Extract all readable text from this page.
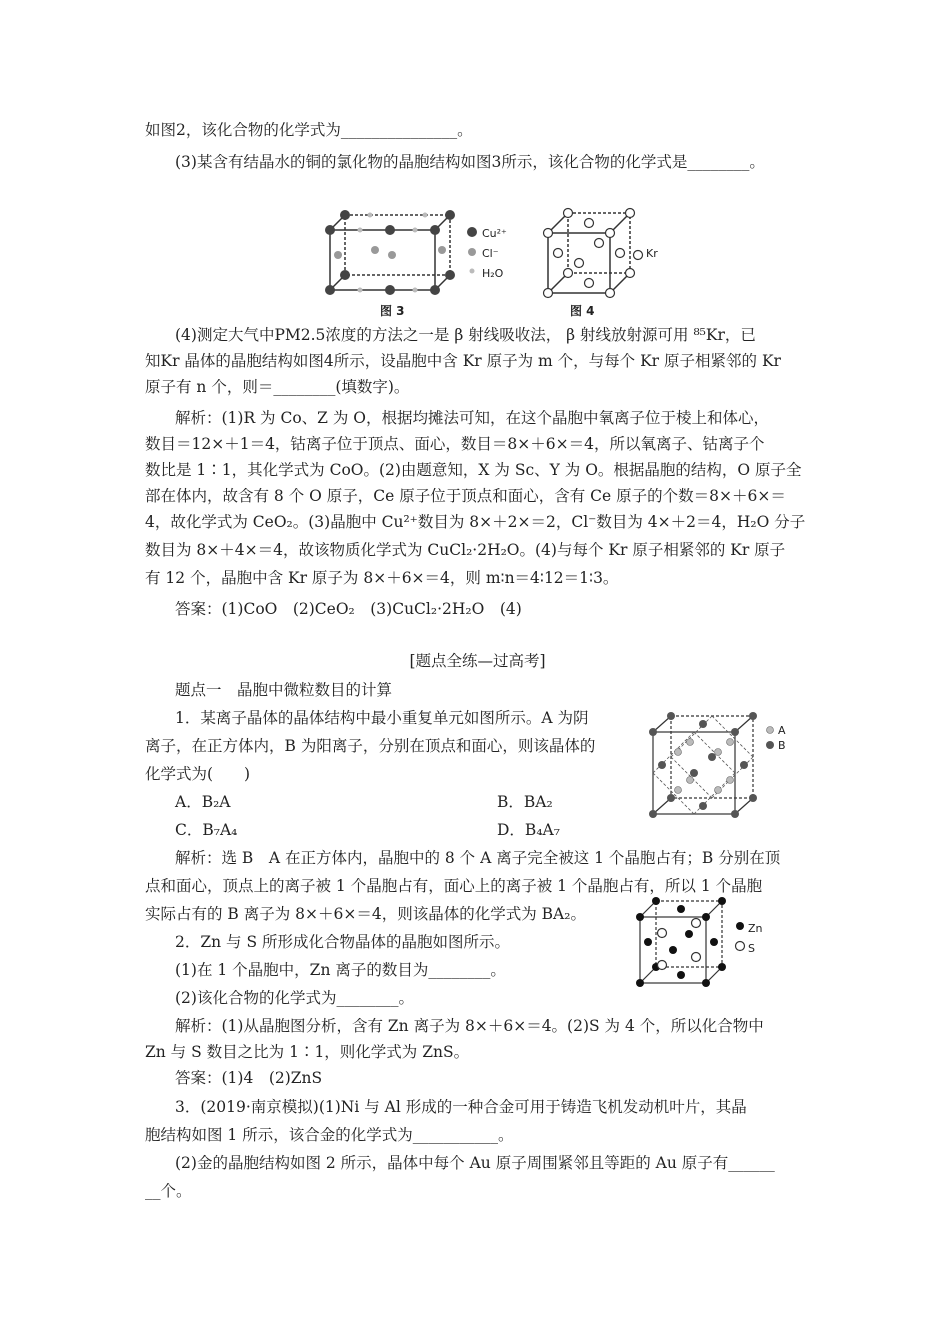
如图2，该化合物的化学式为_______________。
(3)某含有结晶水的铜的氯化物的晶胞结构如图3所示，该化合物的化学式是________。
Cu²⁺
Cl⁻
H₂O
图 3
Kr
图 4
(4)测定大气中PM2.5浓度的方法之一是 β 射线吸收法， β 射线放射源可用 ⁸⁵Kr，已
知Kr 晶体的晶胞结构如图4所示，设晶胞中含 Kr 原子为 m 个，与每个 Kr 原子相紧邻的 Kr
原子有 n 个，则＝________(填数字)。
解析：(1)R 为 Co、Z 为 O，根据均摊法可知，在这个晶胞中氧离子位于棱上和体心，
数目＝12×＋1＝4，钴离子位于顶点、面心，数目＝8×＋6×＝4，所以氧离子、钴离子个
数比是 1∶1，其化学式为 CoO。(2)由题意知，X 为 Sc、Y 为 O。根据晶胞的结构，O 原子全
部在体内，故含有 8 个 O 原子，Ce 原子位于顶点和面心，含有 Ce 原子的个数＝8×＋6×＝
4，故化学式为 CeO₂。(3)晶胞中 Cu²⁺数目为 8×＋2×＝2，Cl⁻数目为 4×＋2＝4，H₂O 分子
数目为 8×＋4×＝4，故该物质化学式为 CuCl₂·2H₂O。(4)与每个 Kr 原子相紧邻的 Kr 原子
有 12 个，晶胞中含 Kr 原子为 8×＋6×＝4，则 m∶n＝4∶12＝1∶3。
答案：(1)CoO　(2)CeO₂　(3)CuCl₂·2H₂O　(4)
[题点全练—过高考]
题点一　晶胞中微粒数目的计算
1．某离子晶体的晶体结构中最小重复单元如图所示。A 为阴
离子，在正方体内，B 为阳离子，分别在顶点和面心，则该晶体的
化学式为(　　)
A．B₂A	B．BA₂
C．B₇A₄	D．B₄A₇
A
B
解析：选 B　A 在正方体内，晶胞中的 8 个 A 离子完全被这 1 个晶胞占有；B 分别在顶
点和面心，顶点上的离子被 1 个晶胞占有，面心上的离子被 1 个晶胞占有，所以 1 个晶胞
实际占有的 B 离子为 8×＋6×＝4，则该晶体的化学式为 BA₂。
2．Zn 与 S 所形成化合物晶体的晶胞如图所示。
(1)在 1 个晶胞中，Zn 离子的数目为________。
(2)该化合物的化学式为________。
Zn
S
解析：(1)从晶胞图分析，含有 Zn 离子为 8×＋6×＝4。(2)S 为 4 个，所以化合物中
Zn 与 S 数目之比为 1∶1，则化学式为 ZnS。
答案：(1)4　(2)ZnS
3．(2019·南京模拟)(1)Ni 与 Al 形成的一种合金可用于铸造飞机发动机叶片，其晶
胞结构如图 1 所示，该合金的化学式为___________。
(2)金的晶胞结构如图 2 所示，晶体中每个 Au 原子周围紧邻且等距的 Au 原子有______
__个。
